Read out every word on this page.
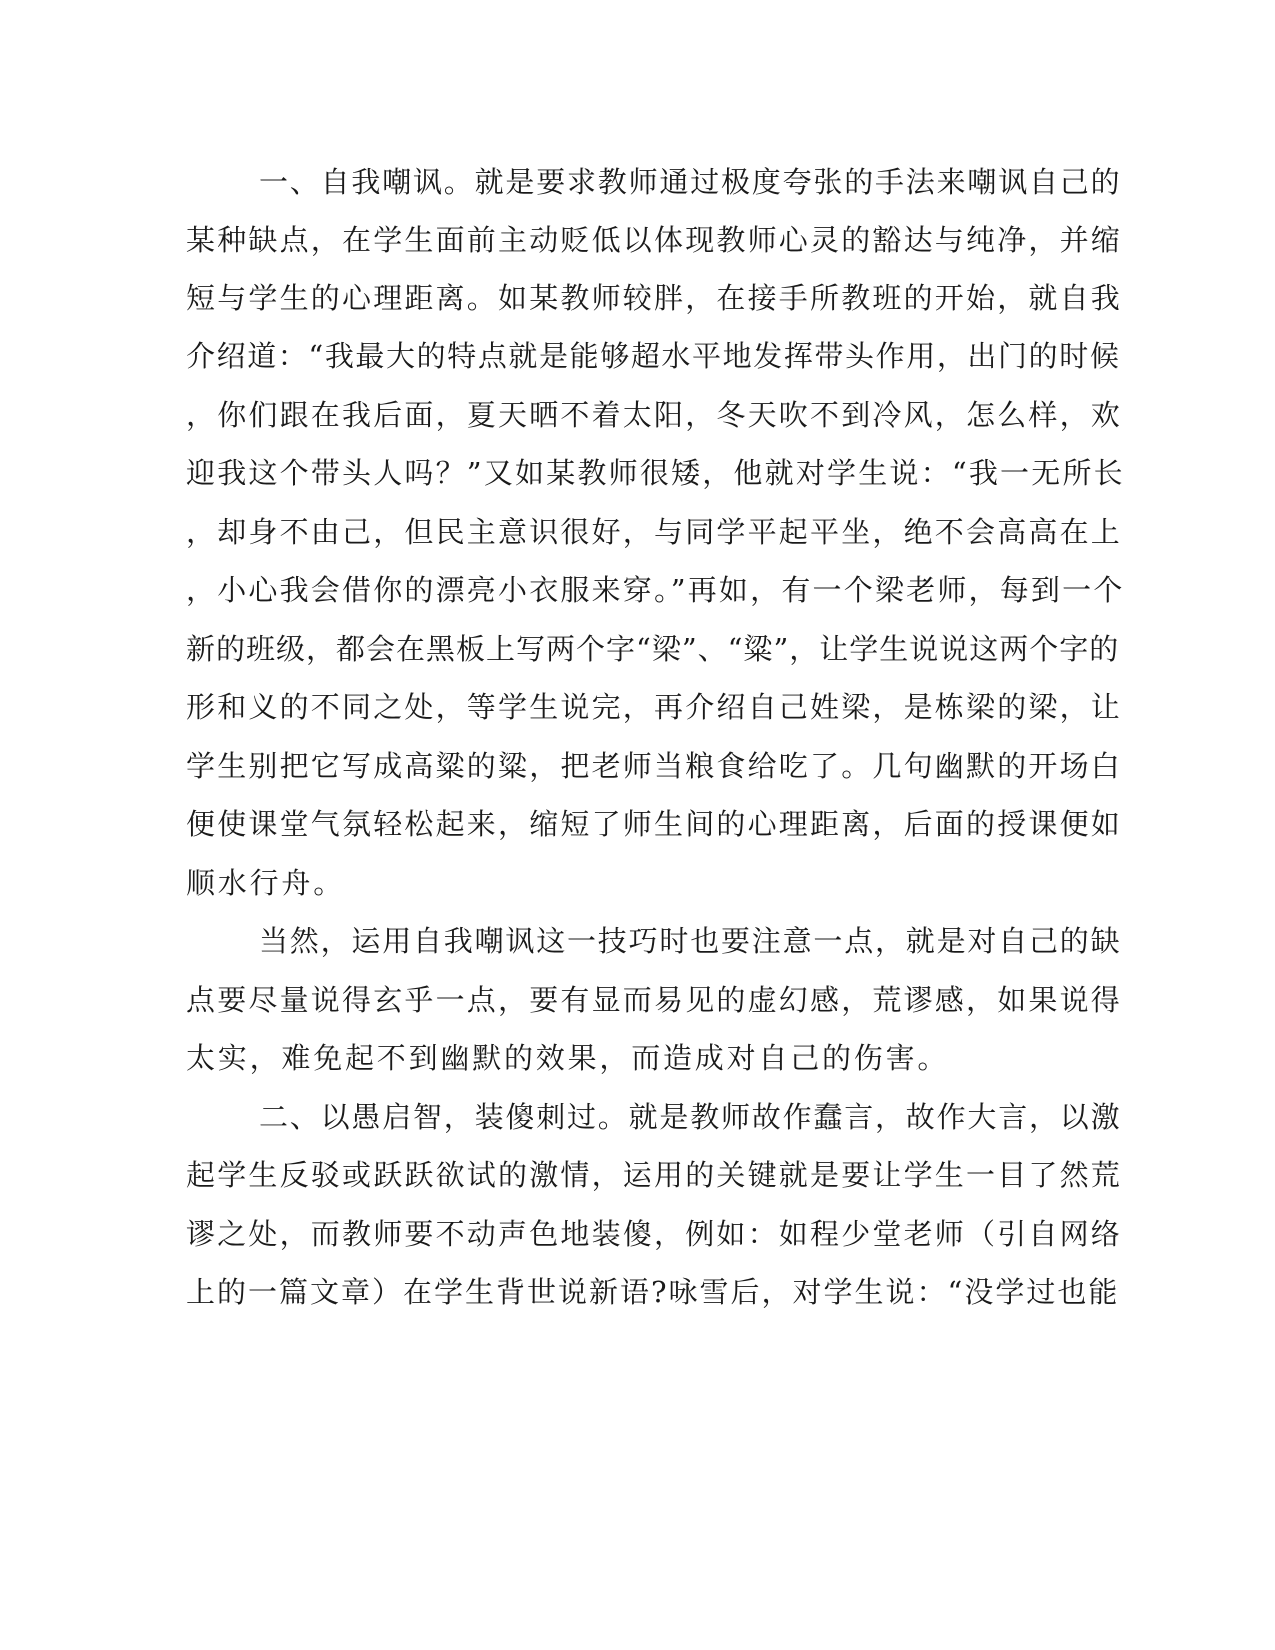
一、自我嘲讽。就是要求教师通过极度夸张的手法来嘲讽自己的
某种缺点，在学生面前主动贬低以体现教师心灵的豁达与纯净，并缩
短与学生的心理距离。如某教师较胖，在接手所教班的开始，就自我
介绍道：“我最大的特点就是能够超水平地发挥带头作用，出门的时候
，你们跟在我后面，夏天晒不着太阳，冬天吹不到冷风，怎么样，欢
迎我这个带头人吗？”又如某教师很矮，他就对学生说：“我一无所长
，却身不由己，但民主意识很好，与同学平起平坐，绝不会高高在上
，小心我会借你的漂亮小衣服来穿。”再如，有一个梁老师，每到一个
新的班级，都会在黑板上写两个字“梁”、“粱”，让学生说说这两个字的
形和义的不同之处，等学生说完，再介绍自己姓梁，是栋梁的梁，让
学生别把它写成高粱的粱，把老师当粮食给吃了。几句幽默的开场白
便使课堂气氛轻松起来，缩短了师生间的心理距离，后面的授课便如
顺水行舟。
当然，运用自我嘲讽这一技巧时也要注意一点，就是对自己的缺
点要尽量说得玄乎一点，要有显而易见的虚幻感，荒谬感，如果说得
太实，难免起不到幽默的效果，而造成对自己的伤害。
二、以愚启智，装傻刺过。就是教师故作蠢言，故作大言，以激
起学生反驳或跃跃欲试的激情，运用的关键就是要让学生一目了然荒
谬之处，而教师要不动声色地装傻，例如：如程少堂老师（引自网络
上的一篇文章）在学生背世说新语?咏雪后，对学生说：“没学过也能
